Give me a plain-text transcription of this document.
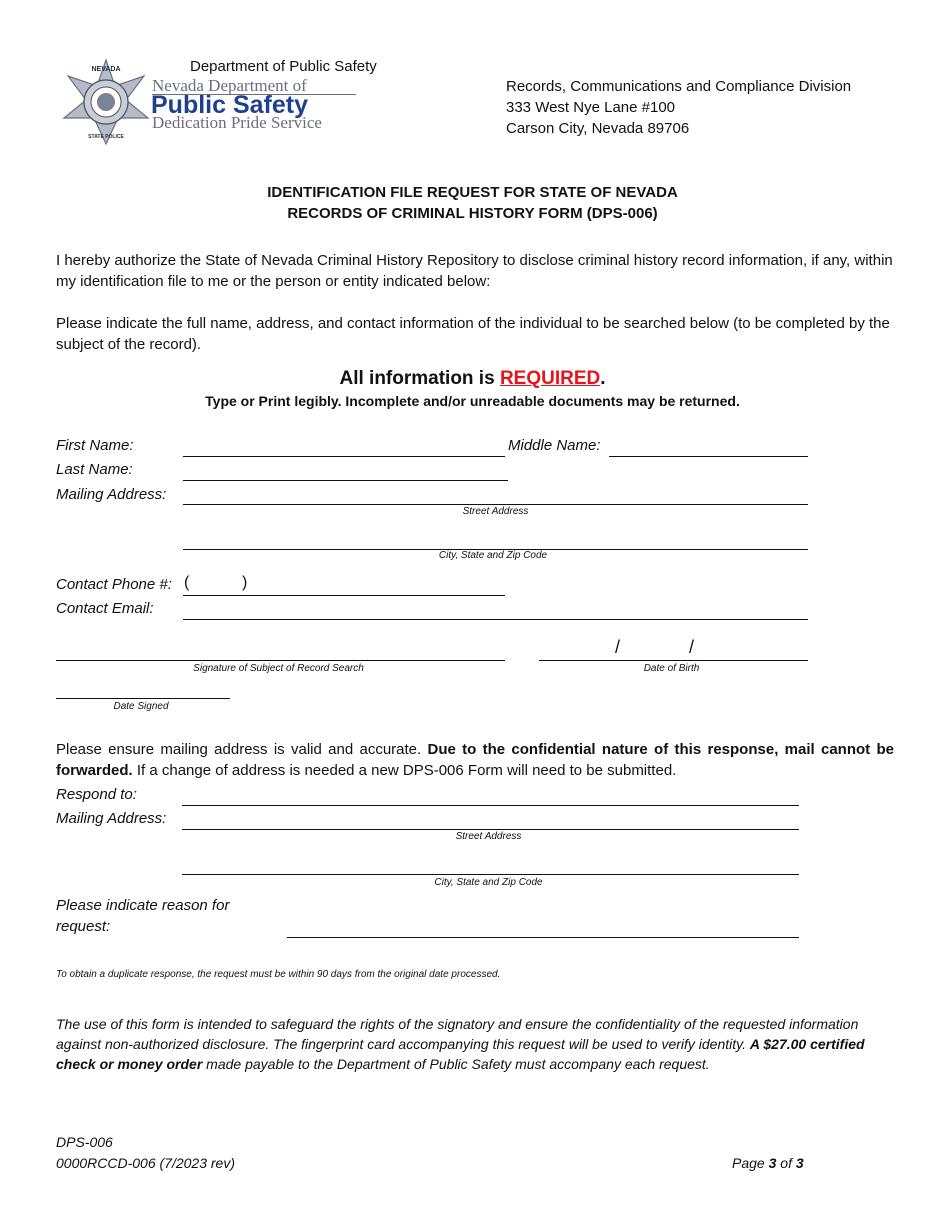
Department of Public Safety
NEVADA
STATE POLICE
Nevada Department of
Public Safety
Dedication Pride Service
Records, Communications and Compliance Division
333 West Nye Lane #100
Carson City, Nevada 89706
IDENTIFICATION FILE REQUEST FOR STATE OF NEVADA
RECORDS OF CRIMINAL HISTORY FORM (DPS-006)
I hereby authorize the State of Nevada Criminal History Repository to disclose criminal history record information, if any, within my identification file to me or the person or entity indicated below:
Please indicate the full name, address, and contact information of the individual to be searched below (to be completed by the subject of the record).
All information is REQUIRED.
Type or Print legibly. Incomplete and/or unreadable documents may be returned.
First Name:	Middle Name:
Last Name:
Mailing Address:
Street Address
City, State and Zip Code
Contact Phone #: (	)
Contact Email:
Signature of Subject of Record Search
/	/
Date of Birth
Date Signed
Please ensure mailing address is valid and accurate. Due to the confidential nature of this response, mail cannot be forwarded. If a change of address is needed a new DPS-006 Form will need to be submitted.
Respond to:
Mailing Address:
Street Address
City, State and Zip Code
Please indicate reason for
request:
To obtain a duplicate response, the request must be within 90 days from the original date processed.
The use of this form is intended to safeguard the rights of the signatory and ensure the confidentiality of the requested information against non-authorized disclosure. The fingerprint card accompanying this request will be used to verify identity. A $27.00 certified check or money order made payable to the Department of Public Safety must accompany each request.
DPS-006
0000RCCD-006 (7/2023 rev)	Page 3 of 3
